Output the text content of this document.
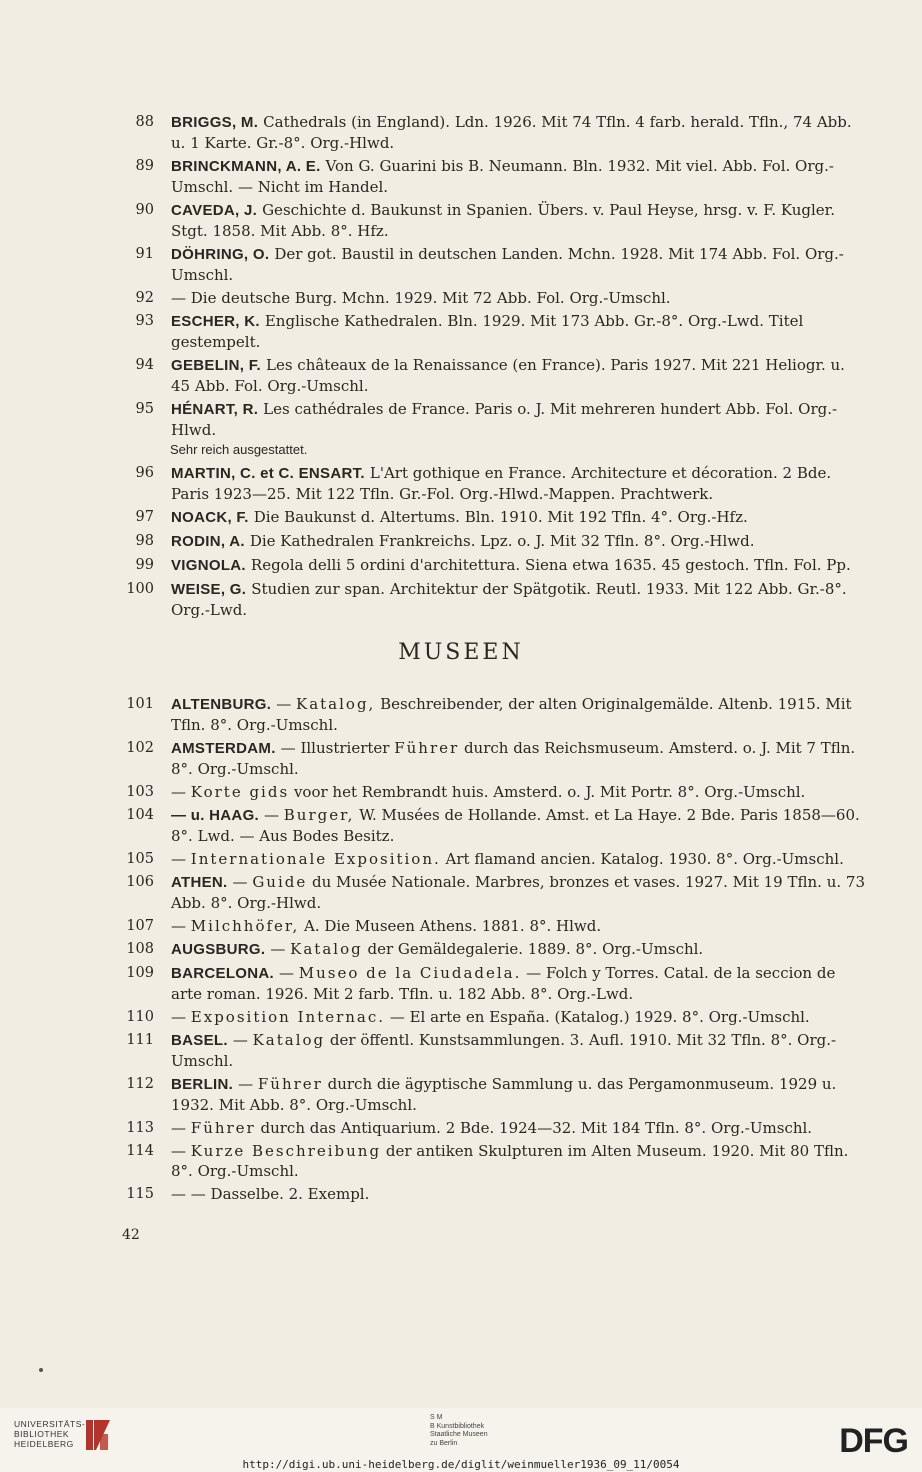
88 BRIGGS, M. Cathedrals (in England). Ldn. 1926. Mit 74 Tfln. 4 farb. herald. Tfln., 74 Abb. u. 1 Karte. Gr.-8°. Org.-Hlwd.
89 BRINCKMANN, A. E. Von G. Guarini bis B. Neumann. Bln. 1932. Mit viel. Abb. Fol. Org.-Umschl. — Nicht im Handel.
90 CAVEDA, J. Geschichte d. Baukunst in Spanien. Übers. v. Paul Heyse, hrsg. v. F. Kugler. Stgt. 1858. Mit Abb. 8°. Hfz.
91 DÖHRING, O. Der got. Baustil in deutschen Landen. Mchn. 1928. Mit 174 Abb. Fol. Org.-Umschl.
92 — Die deutsche Burg. Mchn. 1929. Mit 72 Abb. Fol. Org.-Umschl.
93 ESCHER, K. Englische Kathedralen. Bln. 1929. Mit 173 Abb. Gr.-8°. Org.-Lwd. Titel gestempelt.
94 GEBELIN, F. Les châteaux de la Renaissance (en France). Paris 1927. Mit 221 Heliogr. u. 45 Abb. Fol. Org.-Umschl.
95 HÉNART, R. Les cathédrales de France. Paris o. J. Mit mehreren hundert Abb. Fol. Org.-Hlwd.
Sehr reich ausgestattet.
96 MARTIN, C. et C. ENSART. L'Art gothique en France. Architecture et décoration. 2 Bde. Paris 1923—25. Mit 122 Tfln. Gr.-Fol. Org.-Hlwd.-Mappen. Prachtwerk.
97 NOACK, F. Die Baukunst d. Altertums. Bln. 1910. Mit 192 Tfln. 4°. Org.-Hfz.
98 RODIN, A. Die Kathedralen Frankreichs. Lpz. o. J. Mit 32 Tfln. 8°. Org.-Hlwd.
99 VIGNOLA. Regola delli 5 ordini d'architettura. Siena etwa 1635. 45 gestoch. Tfln. Fol. Pp.
100 WEISE, G. Studien zur span. Architektur der Spätgotik. Reutl. 1933. Mit 122 Abb. Gr.-8°. Org.-Lwd.
MUSEEN
101 ALTENBURG. — Katalog, Beschreibender, der alten Originalgemälde. Altenb. 1915. Mit Tfln. 8°. Org.-Umschl.
102 AMSTERDAM. — Illustrierter Führer durch das Reichsmuseum. Amsterd. o. J. Mit 7 Tfln. 8°. Org.-Umschl.
103 — Korte gids voor het Rembrandt huis. Amsterd. o. J. Mit Portr. 8°. Org.-Umschl.
104 — u. HAAG. — Burger, W. Musées de Hollande. Amst. et La Haye. 2 Bde. Paris 1858—60. 8°. Lwd. — Aus Bodes Besitz.
105 — Internationale Exposition. Art flamand ancien. Katalog. 1930. 8°. Org.-Umschl.
106 ATHEN. — Guide du Musée Nationale. Marbres, bronzes et vases. 1927. Mit 19 Tfln. u. 73 Abb. 8°. Org.-Hlwd.
107 — Milchhöfer, A. Die Museen Athens. 1881. 8°. Hlwd.
108 AUGSBURG. — Katalog der Gemäldegalerie. 1889. 8°. Org.-Umschl.
109 BARCELONA. — Museo de la Ciudadela. — Folch y Torres. Catal. de la seccion de arte roman. 1926. Mit 2 farb. Tfln. u. 182 Abb. 8°. Org.-Lwd.
110 — Exposition Internac. — El arte en España. (Katalog.) 1929. 8°. Org.-Umschl.
111 BASEL. — Katalog der öffentl. Kunstsammlungen. 3. Aufl. 1910. Mit 32 Tfln. 8°. Org.-Umschl.
112 BERLIN. — Führer durch die ägyptische Sammlung u. das Pergamonmuseum. 1929 u. 1932. Mit Abb. 8°. Org.-Umschl.
113 — Führer durch das Antiquarium. 2 Bde. 1924—32. Mit 184 Tfln. 8°. Org.-Umschl.
114 — Kurze Beschreibung der antiken Skulpturen im Alten Museum. 1920. Mit 80 Tfln. 8°. Org.-Umschl.
115 — — Dasselbe. 2. Exempl.
42
UNIVERSITÄTS-
BIBLIOTHEK
HEIDELBERG
S M
B Kunstbibliothek
Staatliche Museen
zu Berlin	DFG
http://digi.ub.uni-heidelberg.de/diglit/weinmueller1936_09_11/0054
